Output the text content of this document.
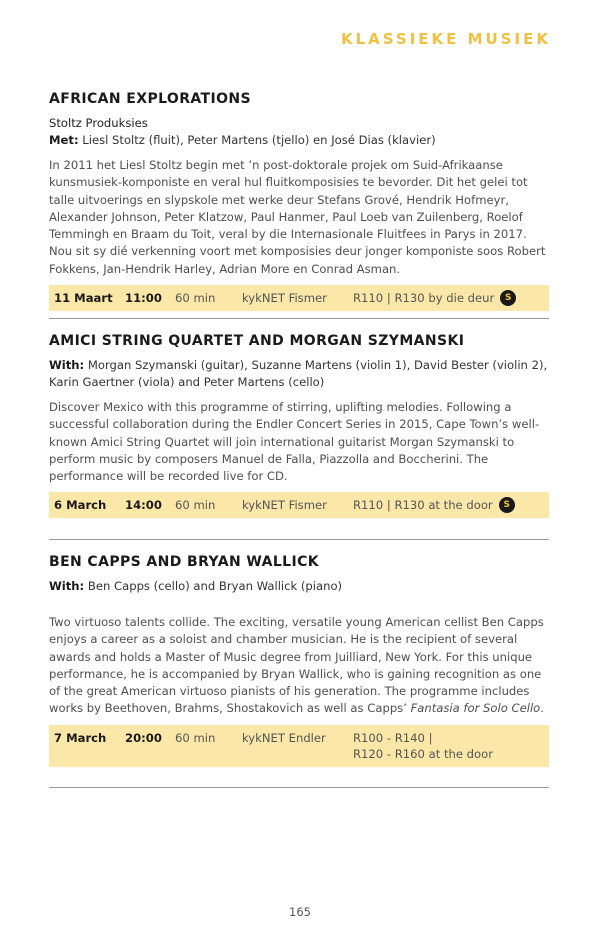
KLASSIEKE MUSIEK
AFRICAN EXPLORATIONS
Stoltz Produksies
Met: Liesl Stoltz (fluit), Peter Martens (tjello) en José Dias (klavier)
In 2011 het Liesl Stoltz begin met ’n post-doktorale projek om Suid-Afrikaanse kunsmusiek-komponiste en veral hul fluitkomposisies te bevorder. Dit het gelei tot talle uitvoerings en slypskole met werke deur Stefans Grové, Hendrik Hofmeyr, Alexander Johnson, Peter Klatzow, Paul Hanmer, Paul Loeb van Zuilenberg, Roelof Temmingh en Braam du Toit, veral by die Internasionale Fluitfees in Parys in 2017. Nou sit sy dié verkenning voort met komposisies deur jonger komponiste soos Robert Fokkens, Jan-Hendrik Harley, Adrian More en Conrad Asman.
11 Maart	11:00	60 min	kykNET Fismer	R110 | R130 by die deur	S
AMICI STRING QUARTET AND MORGAN SZYMANSKI
With: Morgan Szymanski (guitar), Suzanne Martens (violin 1), David Bester (violin 2), Karin Gaertner (viola) and Peter Martens (cello)
Discover Mexico with this programme of stirring, uplifting melodies. Following a successful collaboration during the Endler Concert Series in 2015, Cape Town’s well-known Amici String Quartet will join international guitarist Morgan Szymanski to perform music by composers Manuel de Falla, Piazzolla and Boccherini. The performance will be recorded live for CD.
6 March	14:00	60 min	kykNET Fismer	R110 | R130 at the door	S
BEN CAPPS AND BRYAN WALLICK
With: Ben Capps (cello) and Bryan Wallick (piano)
Two virtuoso talents collide. The exciting, versatile young American cellist Ben Capps enjoys a career as a soloist and chamber musician. He is the recipient of several awards and holds a Master of Music degree from Juilliard, New York. For this unique performance, he is accompanied by Bryan Wallick, who is gaining recognition as one of the great American virtuoso pianists of his generation. The programme includes works by Beethoven, Brahms, Shostakovich as well as Capps’ Fantasia for Solo Cello.
7 March	20:00	60 min	kykNET Endler	R100 - R140 |
R120 - R160 at the door
165
